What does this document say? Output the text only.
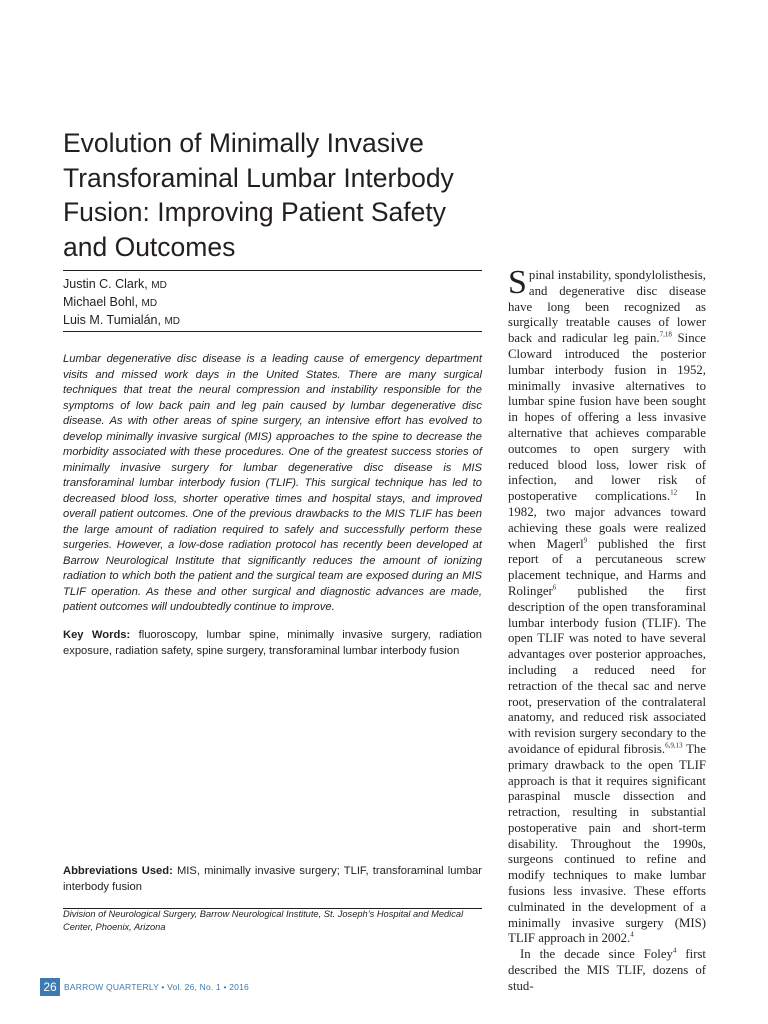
Evolution of Minimally Invasive Transforaminal Lumbar Interbody Fusion: Improving Patient Safety and Outcomes
Justin C. Clark, MD
Michael Bohl, MD
Luis M. Tumialán, MD

Lumbar degenerative disc disease is a leading cause of emergency department visits and missed work days in the United States. There are many surgical techniques that treat the neural compression and instability responsible for the symptoms of low back pain and leg pain caused by lumbar degenerative disc disease. As with other areas of spine surgery, an intensive effort has evolved to develop minimally invasive surgical (MIS) approaches to the spine to decrease the morbidity associated with these procedures. One of the greatest success stories of minimally invasive surgery for lumbar degenerative disc disease is MIS transforaminal lumbar interbody fusion (TLIF). This surgical technique has led to decreased blood loss, shorter operative times and hospital stays, and improved overall patient outcomes. One of the previous drawbacks to the MIS TLIF has been the large amount of radiation required to safely and successfully perform these surgeries. However, a low-dose radiation protocol has recently been developed at Barrow Neurological Institute that significantly reduces the amount of ionizing radiation to which both the patient and the surgical team are exposed during an MIS TLIF operation. As these and other surgical and diagnostic advances are made, patient outcomes will undoubtedly continue to improve.

Key Words: fluoroscopy, lumbar spine, minimally invasive surgery, radiation exposure, radiation safety, spine surgery, transforaminal lumbar interbody fusion

Abbreviations Used: MIS, minimally invasive surgery; TLIF, transforaminal lumbar interbody fusion

Division of Neurological Surgery, Barrow Neurological Institute, St. Joseph’s Hospital and Medical Center, Phoenix, Arizona

Spinal instability, spondylolisthesis, and degenerative disc disease have long been recognized as surgically treatable causes of lower back and radicular leg pain.$^{7,18}$ Since Cloward introduced the posterior lumbar interbody fusion in 1952, minimally invasive alternatives to lumbar spine fusion have been sought in hopes of offering a less invasive alternative that achieves comparable outcomes to open surgery with reduced blood loss, lower risk of infection, and lower risk of postoperative complications.$^{12}$ In 1982, two major advances toward achieving these goals were realized when Magerl$^9$ published the first report of a percutaneous screw placement technique, and Harms and Rolinger$^6$ published the first description of the open transforaminal lumbar interbody fusion (TLIF). The open TLIF was noted to have several advantages over posterior approaches, including a reduced need for retraction of the thecal sac and nerve root, preservation of the contralateral anatomy, and reduced risk associated with revision surgery secondary to the avoidance of epidural fibrosis.$^{6,9,13}$ The primary drawback to the open TLIF approach is that it requires significant paraspinal muscle dissection and retraction, resulting in substantial postoperative pain and short-term disability. Throughout the 1990s, surgeons continued to refine and modify techniques to make lumbar fusions less invasive. These efforts culminated in the development of a minimally invasive surgery (MIS) TLIF approach in 2002.$^4$

In the decade since Foley$^4$ first described the MIS TLIF, dozens of stud-

26 BARROW QUARTERLY • Vol. 26, No. 1 • 2016
